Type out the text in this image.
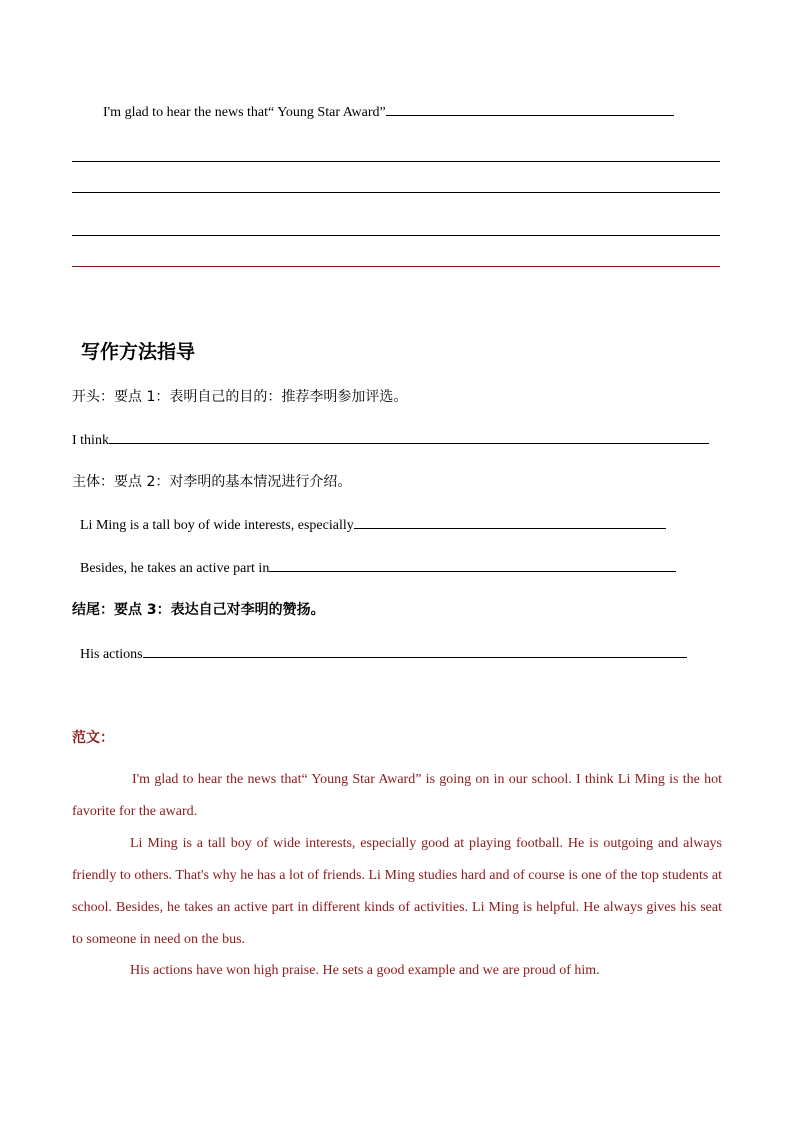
I'm glad to hear the news that“ Young Star Award”
写作方法指导
开头：要点 1：表明自己的目的：推荐李明参加评选。
I think
主体：要点 2：对李明的基本情况进行介绍。
Li Ming is a tall boy of wide interests, especially
Besides, he takes an active part in
结尾：要点 3：表达自己对李明的赞扬。
His actions
范文：
I'm glad to hear the news that“ Young Star Award” is going on in our school. I think Li Ming is the hot favorite for the award.
Li Ming is a tall boy of wide interests, especially good at playing football. He is outgoing and always friendly to others. That's why he has a lot of friends. Li Ming studies hard and of course is one of the top students at school. Besides, he takes an active part in different kinds of activities. Li Ming is helpful. He always gives his seat to someone in need on the bus.
His actions have won high praise. He sets a good example and we are proud of him.
